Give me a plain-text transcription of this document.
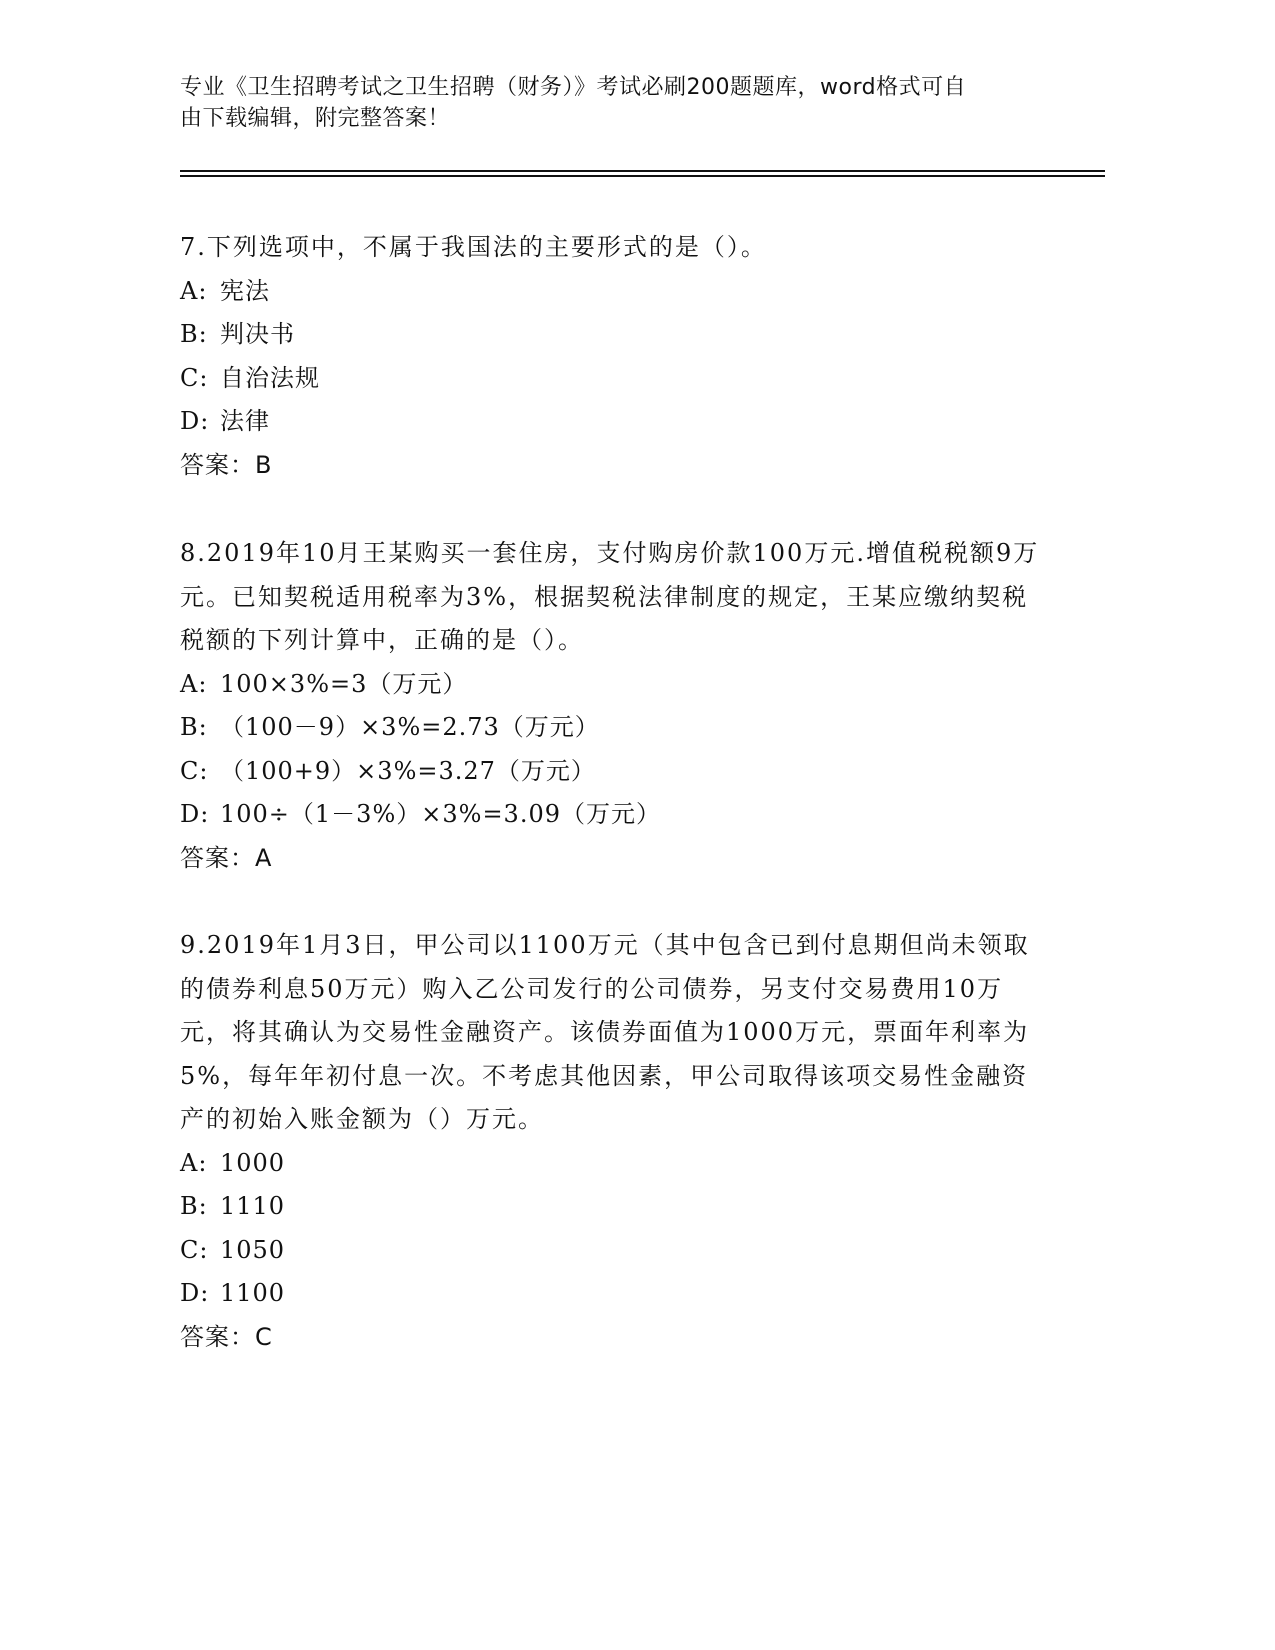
专业《卫生招聘考试之卫生招聘（财务）》考试必刷200题题库，word格式可自
由下载编辑，附完整答案！
7.下列选项中，不属于我国法的主要形式的是（）。
A: 宪法
B: 判决书
C: 自治法规
D: 法律
答案：B
8.2019年10月王某购买一套住房，支付购房价款100万元.增值税税额9万元。已知契税适用税率为3%，根据契税法律制度的规定，王某应缴纳契税税额的下列计算中，正确的是（）。
A: 100×3%=3（万元）
B: （100－9）×3%=2.73（万元）
C: （100+9）×3%=3.27（万元）
D: 100÷（1－3%）×3%=3.09（万元）
答案：A
9.2019年1月3日，甲公司以1100万元（其中包含已到付息期但尚未领取的债券利息50万元）购入乙公司发行的公司债券，另支付交易费用10万元，将其确认为交易性金融资产。该债券面值为1000万元，票面年利率为5%，每年年初付息一次。不考虑其他因素，甲公司取得该项交易性金融资产的初始入账金额为（）万元。
A: 1000
B: 1110
C: 1050
D: 1100
答案：C
